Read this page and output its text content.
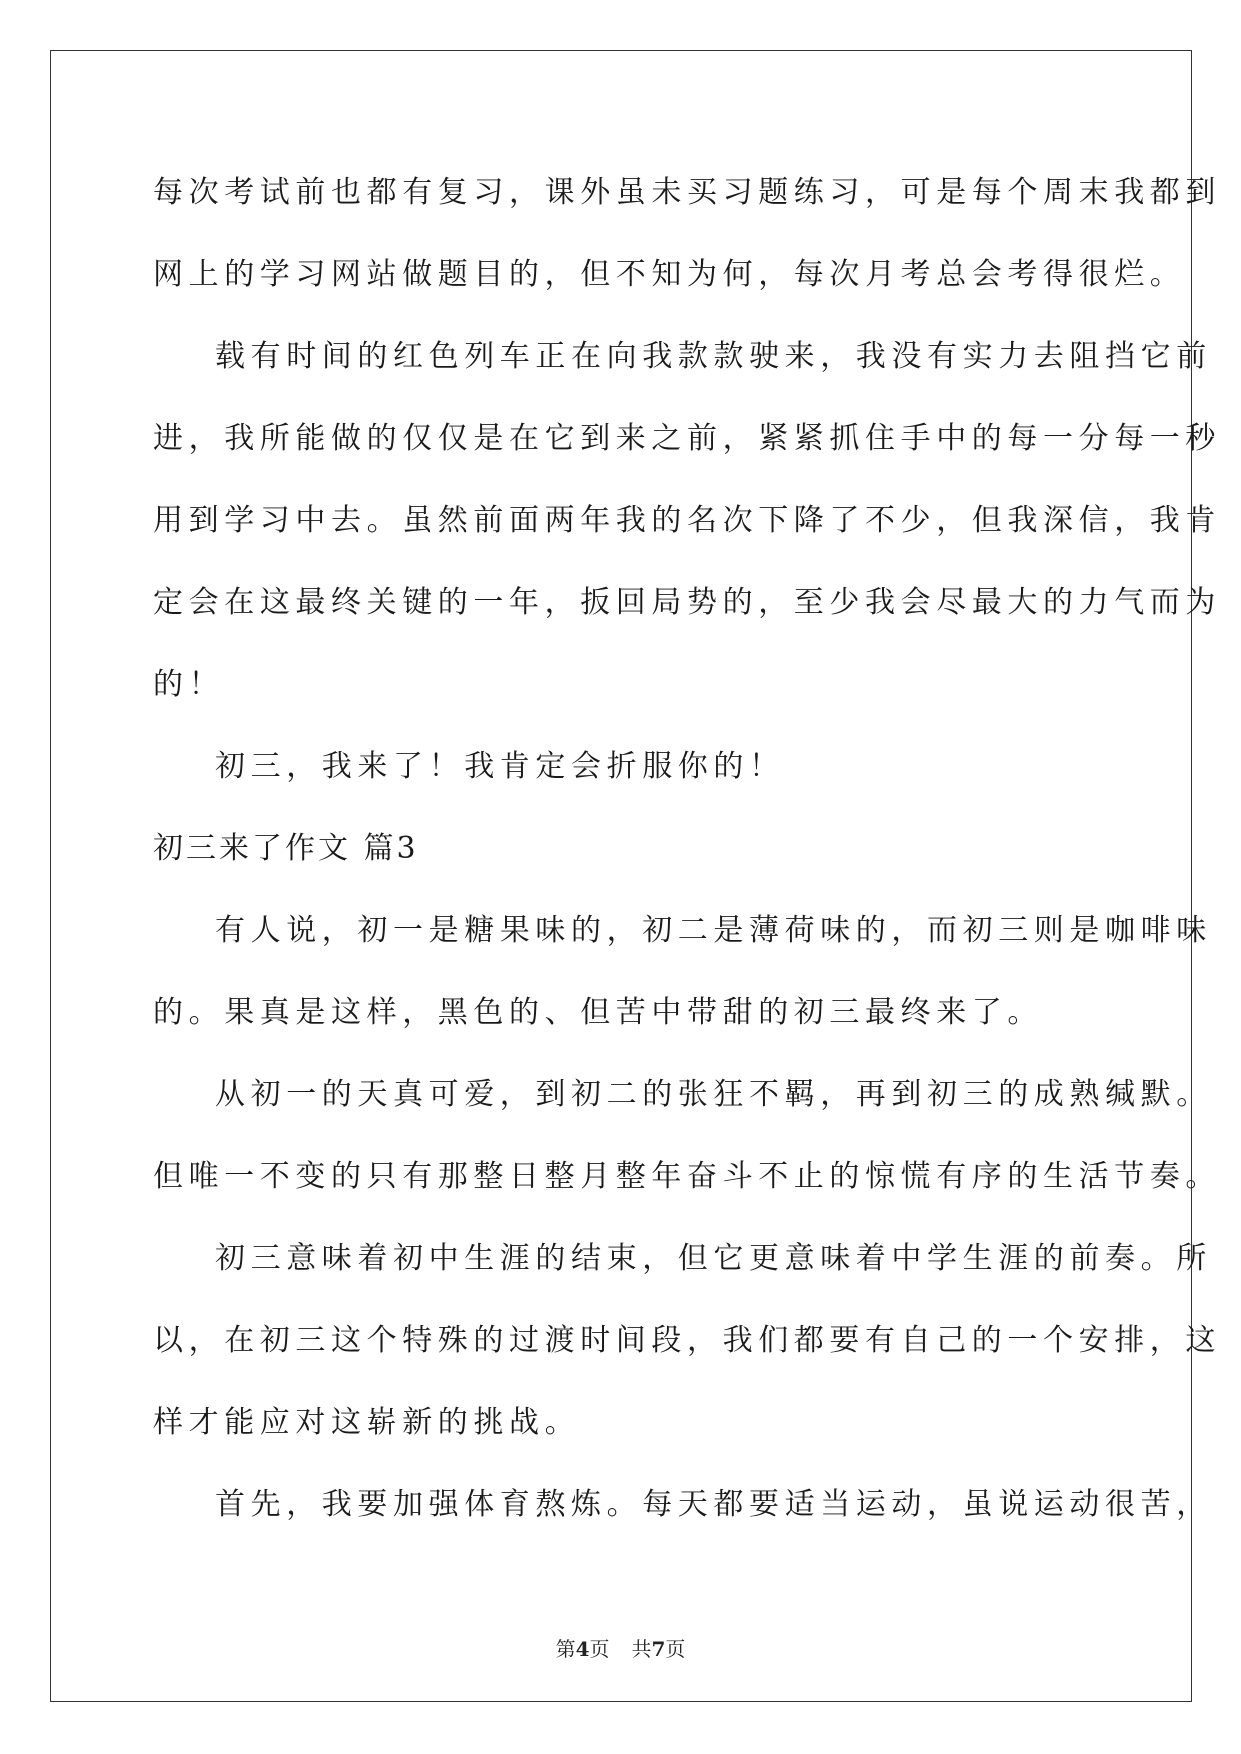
每次考试前也都有复习，课外虽未买习题练习，可是每个周末我都到
网上的学习网站做题目的，但不知为何，每次月考总会考得很烂。
载有时间的红色列车正在向我款款驶来，我没有实力去阻挡它前
进，我所能做的仅仅是在它到来之前，紧紧抓住手中的每一分每一秒
用到学习中去。虽然前面两年我的名次下降了不少，但我深信，我肯
定会在这最终关键的一年，扳回局势的，至少我会尽最大的力气而为
的！
初三，我来了！我肯定会折服你的！
初三来了作文 篇3
有人说，初一是糖果味的，初二是薄荷味的，而初三则是咖啡味
的。果真是这样，黑色的、但苦中带甜的初三最终来了。
从初一的天真可爱，到初二的张狂不羁，再到初三的成熟缄默。
但唯一不变的只有那整日整月整年奋斗不止的惊慌有序的生活节奏。
初三意味着初中生涯的结束，但它更意味着中学生涯的前奏。所
以，在初三这个特殊的过渡时间段，我们都要有自己的一个安排，这
样才能应对这崭新的挑战。
首先，我要加强体育熬炼。每天都要适当运动，虽说运动很苦，
第4页 共7页
